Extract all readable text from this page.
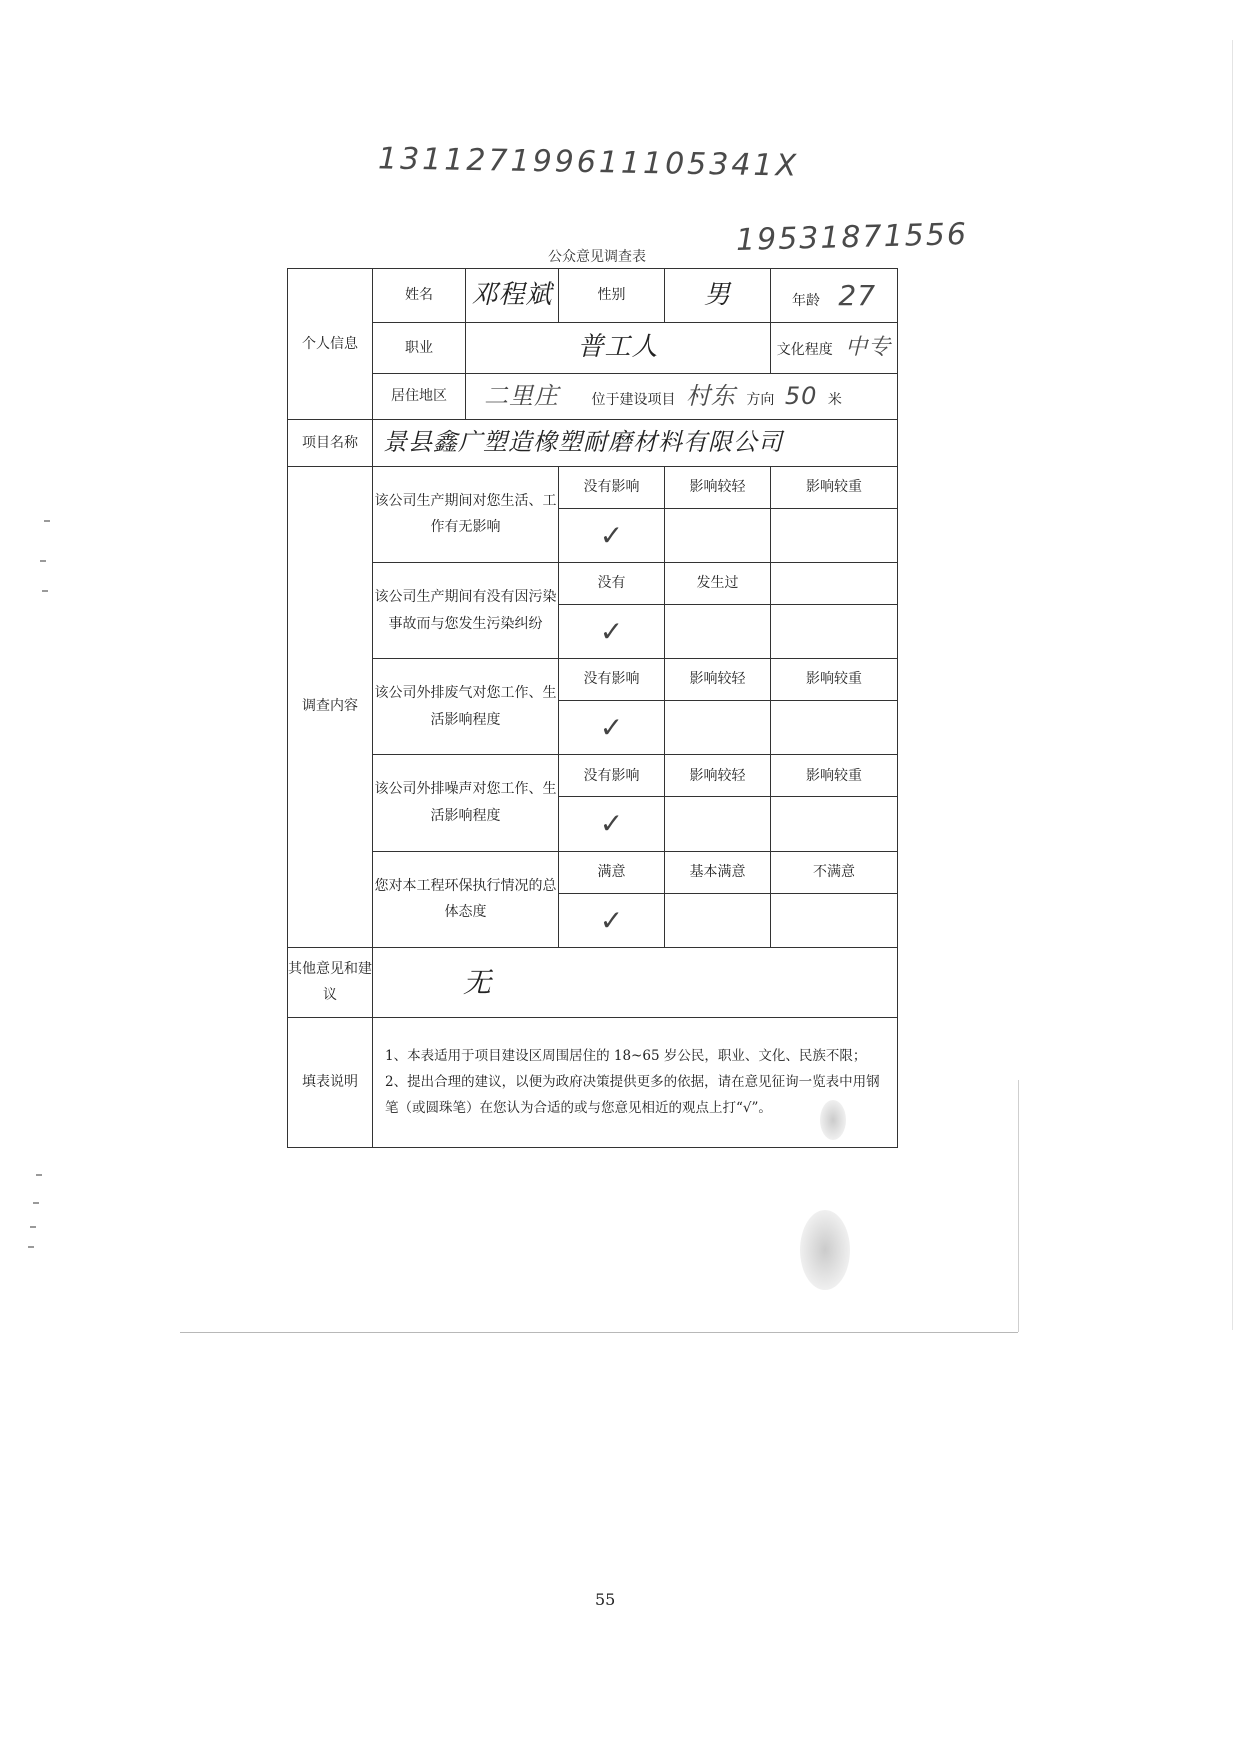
131127199611105341X
19531871556
公众意见调查表
个人信息	姓名	邓程斌	性别	男	年龄 27
	职业	普工人			文化程度 中专
	居住地区	二里庄 位于建设项目 村东 方向 50 米			
项目名称	景县鑫广塑造橡塑耐磨材料有限公司				
调查内容	该公司生产期间对您生活、工作有无影响		没有影响	影响较轻	影响较重
			✓		
	该公司生产期间有没有因污染事故而与您发生污染纠纷		没有	发生过	
			✓		
	该公司外排废气对您工作、生活影响程度		没有影响	影响较轻	影响较重
			✓		
	该公司外排噪声对您工作、生活影响程度		没有影响	影响较轻	影响较重
			✓		
	您对本工程环保执行情况的总体态度		满意	基本满意	不满意
			✓		
其他意见和建议	无				
填表说明	1、本表适用于项目建设区周围居住的 18~65 岁公民，职业、文化、民族不限；
2、提出合理的建议，以便为政府决策提供更多的依据，请在意见征询一览表中用钢笔（或圆珠笔）在您认为合适的或与您意见相近的观点上打“√”。				
55
